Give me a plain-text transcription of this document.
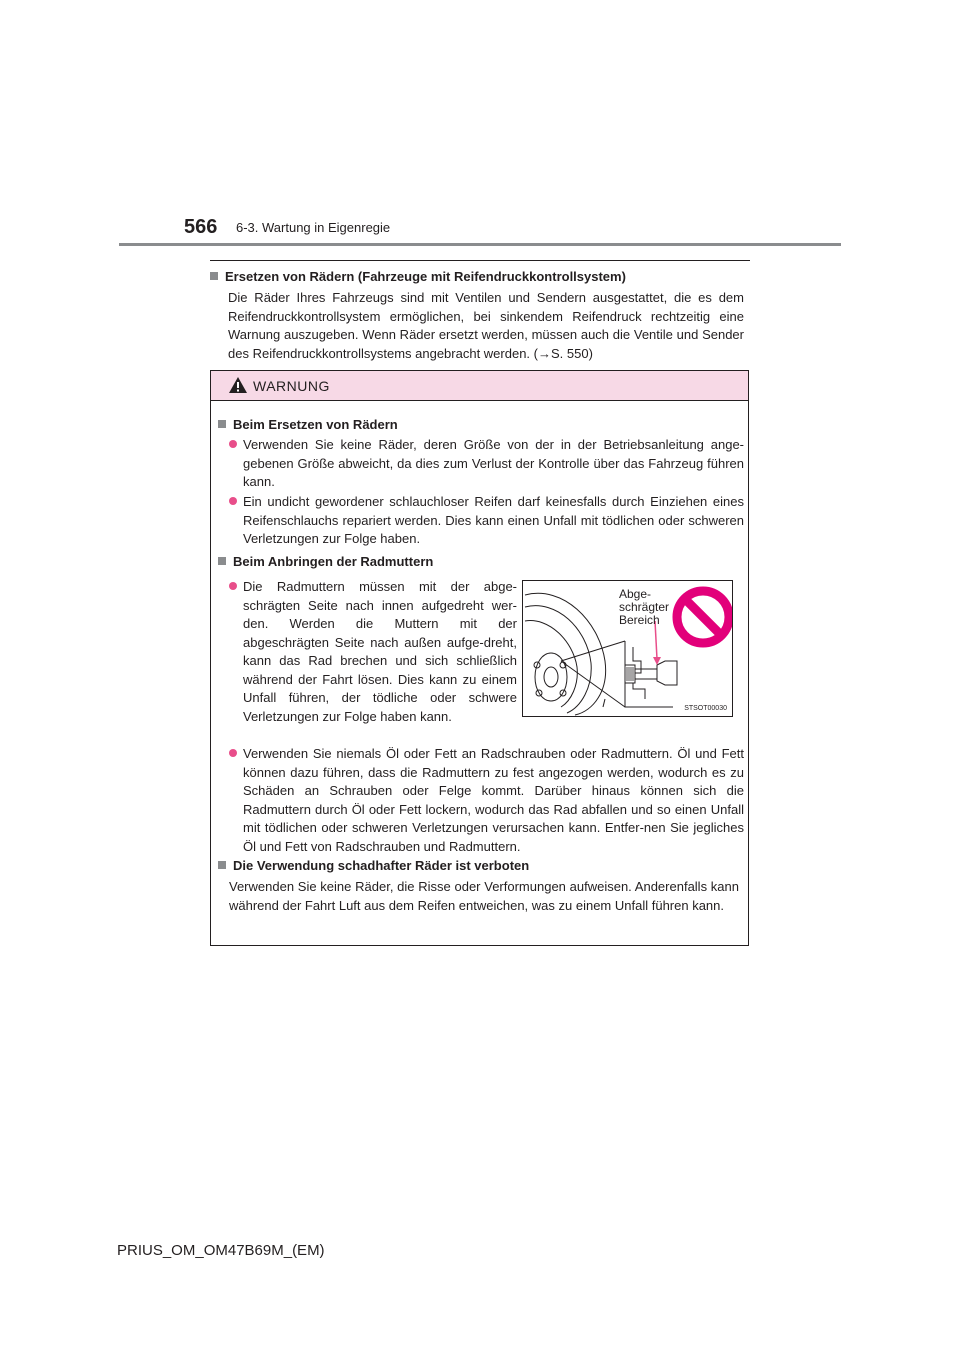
566 6-3. Wartung in Eigenregie
Ersetzen von Rädern (Fahrzeuge mit Reifendruckkontrollsystem)
Die Räder Ihres Fahrzeugs sind mit Ventilen und Sendern ausgestattet, die es dem Reifendruckkontrollsystem ermöglichen, bei sinkendem Reifendruck rechtzeitig eine Warnung auszugeben. Wenn Räder ersetzt werden, müssen auch die Ventile und Sender des Reifendruckkontrollsystems angebracht werden. (→S. 550)
WARNUNG
Beim Ersetzen von Rädern
Verwenden Sie keine Räder, deren Größe von der in der Betriebsanleitung ange-gebenen Größe abweicht, da dies zum Verlust der Kontrolle über das Fahrzeug führen kann.
Ein undicht gewordener schlauchloser Reifen darf keinesfalls durch Einziehen eines Reifenschlauchs repariert werden. Dies kann einen Unfall mit tödlichen oder schweren Verletzungen zur Folge haben.
Beim Anbringen der Radmuttern
Die Radmuttern müssen mit der abge-schrägten Seite nach innen aufgedreht wer-den. Werden die Muttern mit der abgeschrägten Seite nach außen aufge-dreht, kann das Rad brechen und sich schließlich während der Fahrt lösen. Dies kann zu einem Unfall führen, der tödliche oder schwere Verletzungen zur Folge haben kann.
Verwenden Sie niemals Öl oder Fett an Radschrauben oder Radmuttern. Öl und Fett können dazu führen, dass die Radmuttern zu fest angezogen werden, wodurch es zu Schäden an Schrauben oder Felge kommt. Darüber hinaus können sich die Radmuttern durch Öl oder Fett lockern, wodurch das Rad abfallen und so einen Unfall mit tödlichen oder schweren Verletzungen verursachen kann. Entfer-nen Sie jegliches Öl und Fett von Radschrauben und Radmuttern.
Die Verwendung schadhafter Räder ist verboten
Verwenden Sie keine Räder, die Risse oder Verformungen aufweisen. Anderenfalls kann während der Fahrt Luft aus dem Reifen entweichen, was zu einem Unfall führen kann.
Abge-
schrägter
Bereich
STSOT00030
PRIUS_OM_OM47B69M_(EM)
